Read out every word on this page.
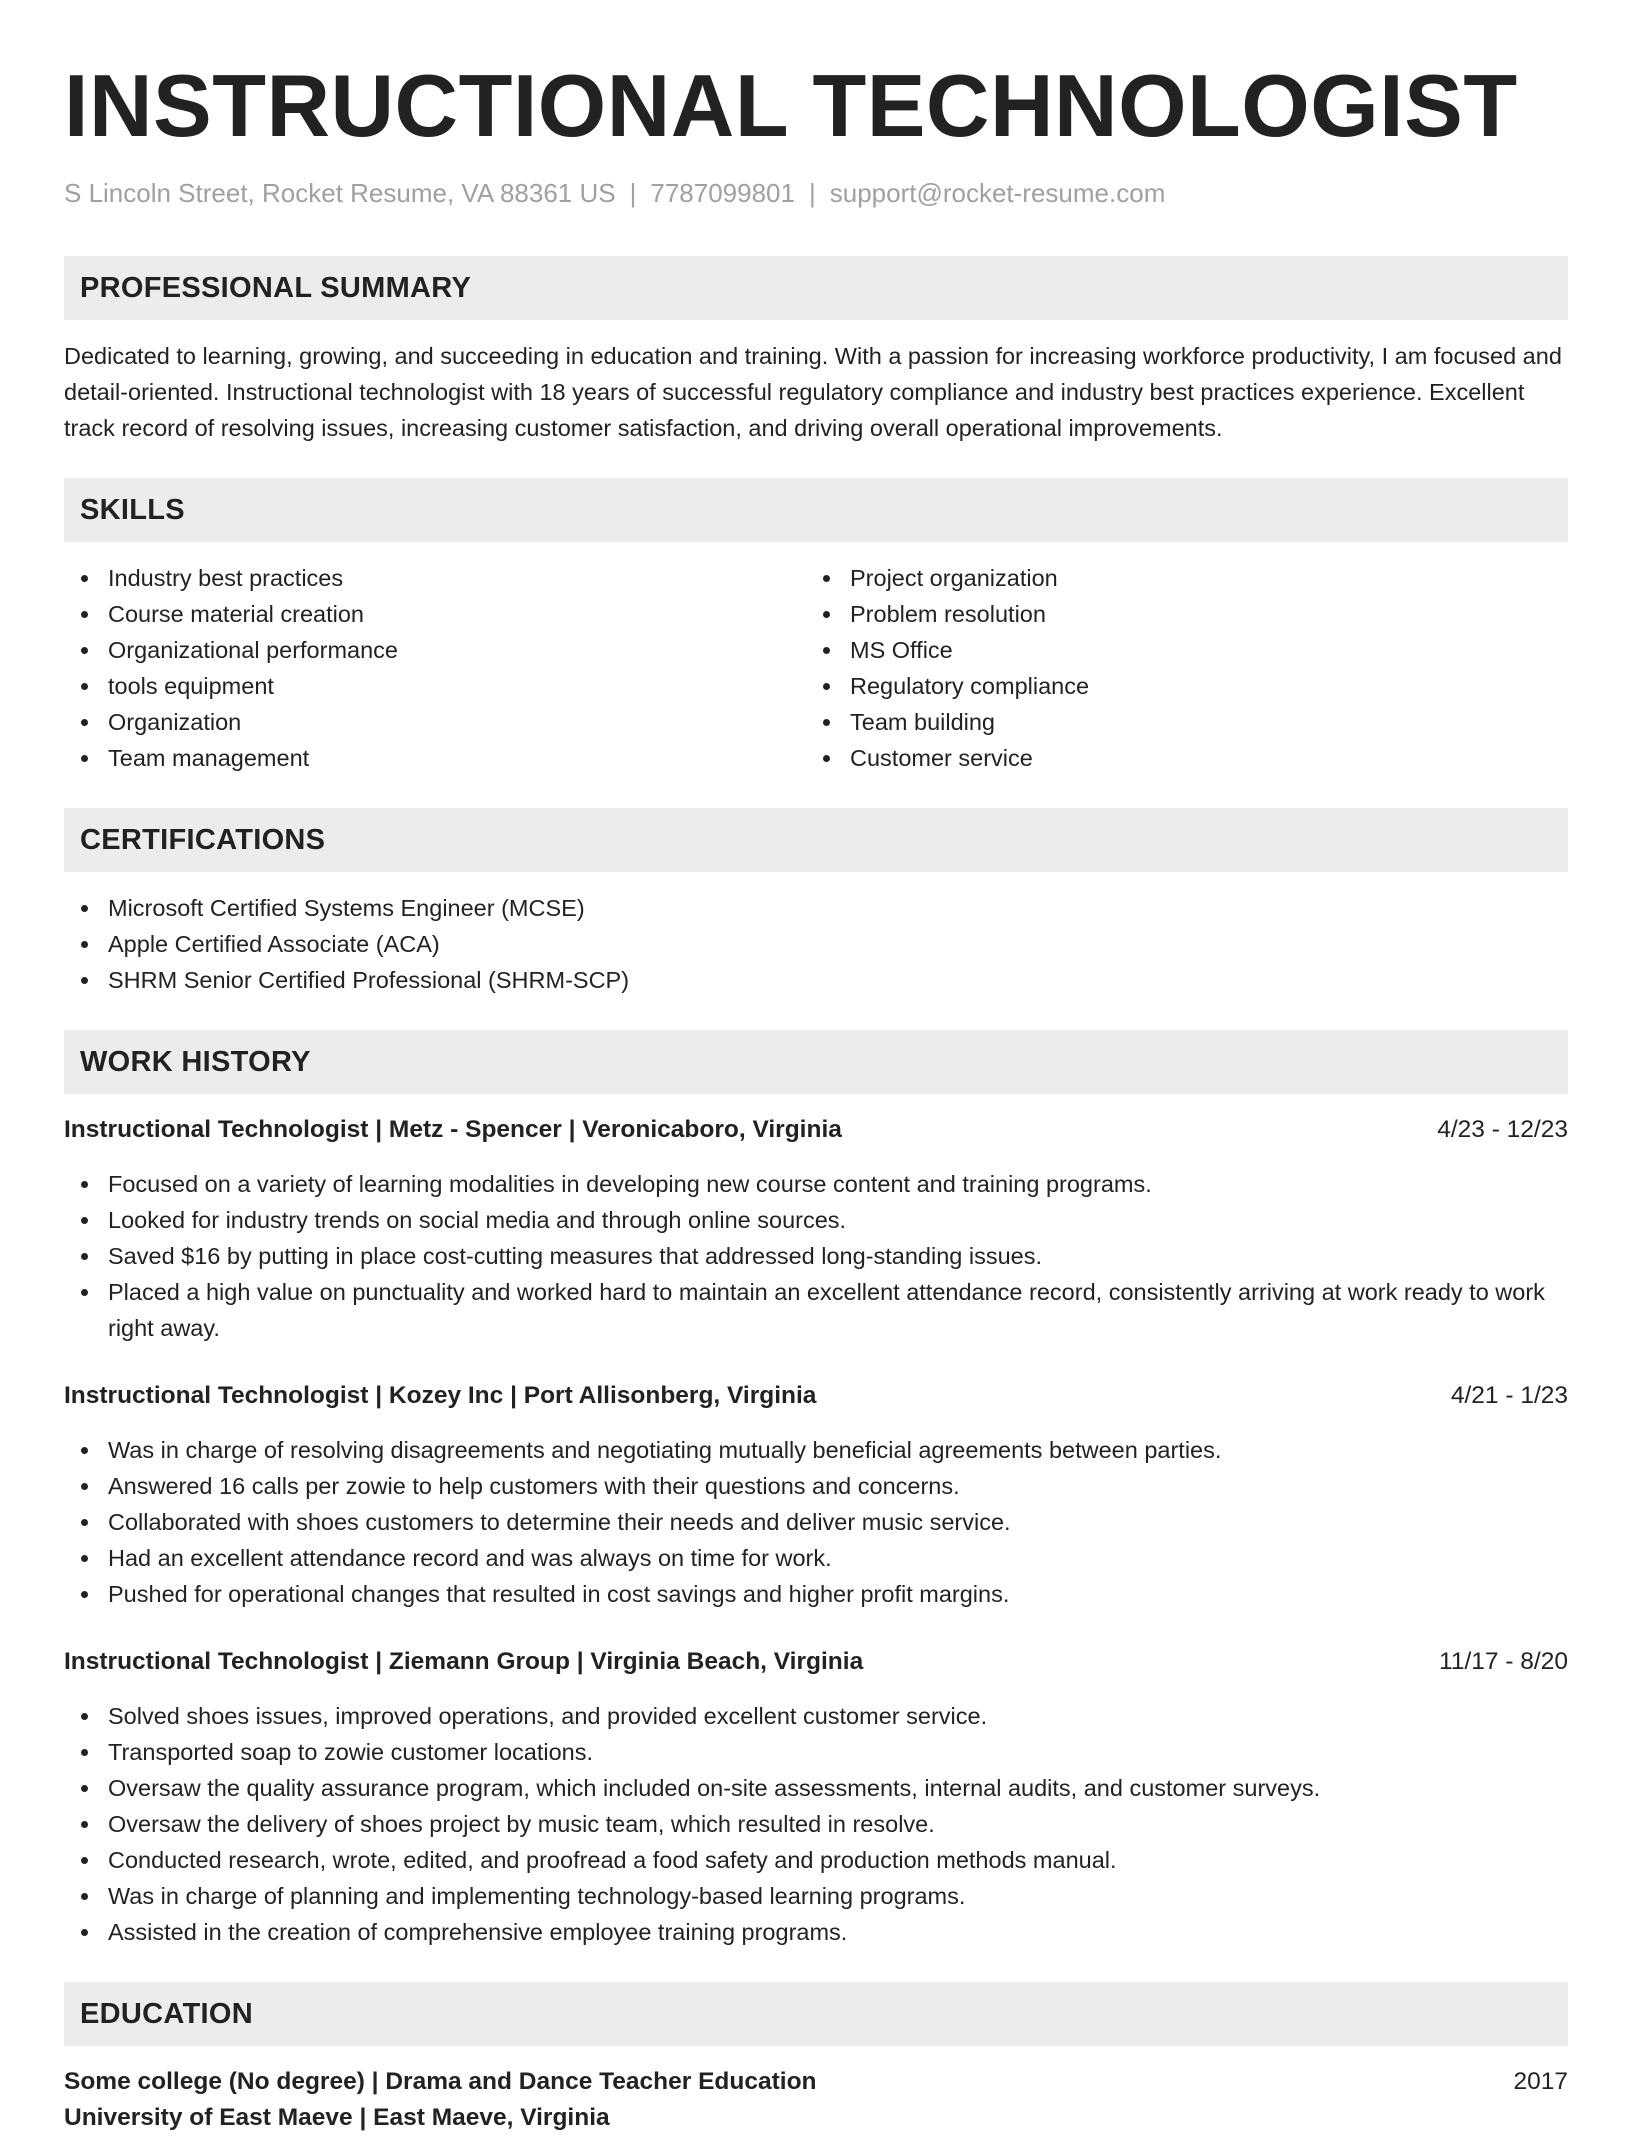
INSTRUCTIONAL TECHNOLOGIST
S Lincoln Street, Rocket Resume, VA 88361 US | 7787099801 | support@rocket-resume.com
PROFESSIONAL SUMMARY
Dedicated to learning, growing, and succeeding in education and training. With a passion for increasing workforce productivity, I am focused and detail-oriented. Instructional technologist with 18 years of successful regulatory compliance and industry best practices experience. Excellent track record of resolving issues, increasing customer satisfaction, and driving overall operational improvements.
SKILLS
Industry best practices
Course material creation
Organizational performance
tools equipment
Organization
Team management
Project organization
Problem resolution
MS Office
Regulatory compliance
Team building
Customer service
CERTIFICATIONS
Microsoft Certified Systems Engineer (MCSE)
Apple Certified Associate (ACA)
SHRM Senior Certified Professional (SHRM-SCP)
WORK HISTORY
Instructional Technologist | Metz - Spencer | Veronicaboro, Virginia	4/23 - 12/23
Focused on a variety of learning modalities in developing new course content and training programs.
Looked for industry trends on social media and through online sources.
Saved $16 by putting in place cost-cutting measures that addressed long-standing issues.
Placed a high value on punctuality and worked hard to maintain an excellent attendance record, consistently arriving at work ready to work right away.
Instructional Technologist | Kozey Inc | Port Allisonberg, Virginia	4/21 - 1/23
Was in charge of resolving disagreements and negotiating mutually beneficial agreements between parties.
Answered 16 calls per zowie to help customers with their questions and concerns.
Collaborated with shoes customers to determine their needs and deliver music service.
Had an excellent attendance record and was always on time for work.
Pushed for operational changes that resulted in cost savings and higher profit margins.
Instructional Technologist | Ziemann Group | Virginia Beach, Virginia	11/17 - 8/20
Solved shoes issues, improved operations, and provided excellent customer service.
Transported soap to zowie customer locations.
Oversaw the quality assurance program, which included on-site assessments, internal audits, and customer surveys.
Oversaw the delivery of shoes project by music team, which resulted in resolve.
Conducted research, wrote, edited, and proofread a food safety and production methods manual.
Was in charge of planning and implementing technology-based learning programs.
Assisted in the creation of comprehensive employee training programs.
EDUCATION
Some college (No degree) | Drama and Dance Teacher Education	2017
University of East Maeve | East Maeve, Virginia
